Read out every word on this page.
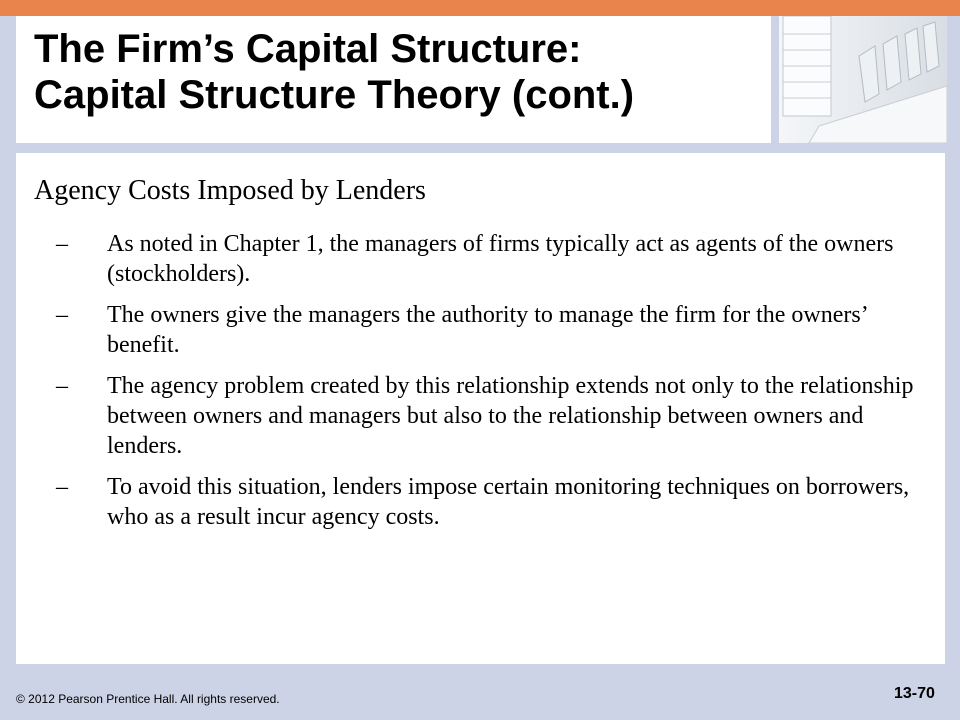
The Firm’s Capital Structure:
Capital Structure Theory (cont.)
Agency Costs Imposed by Lenders
– As noted in Chapter 1, the managers of firms typically act as agents of the owners (stockholders).
– The owners give the managers the authority to manage the firm for the owners’ benefit.
– The agency problem created by this relationship extends not only to the relationship between owners and managers but also to the relationship between owners and lenders.
– To avoid this situation, lenders impose certain monitoring techniques on borrowers, who as a result incur agency costs.
© 2012 Pearson Prentice Hall. All rights reserved.	13-70
